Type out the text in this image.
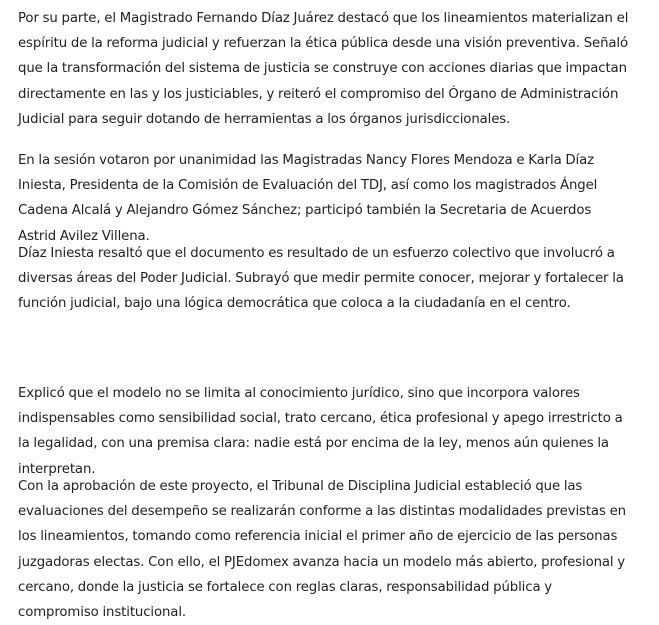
Por su parte, el Magistrado Fernando Díaz Juárez destacó que los lineamientos materializan el espíritu de la reforma judicial y refuerzan la ética pública desde una visión preventiva. Señaló que la transformación del sistema de justicia se construye con acciones diarias que impactan directamente en las y los justiciables, y reiteró el compromiso del Órgano de Administración Judicial para seguir dotando de herramientas a los órganos jurisdiccionales.

En la sesión votaron por unanimidad las Magistradas Nancy Flores Mendoza e Karla Díaz Iniesta, Presidenta de la Comisión de Evaluación del TDJ, así como los magistrados Ángel Cadena Alcalá y Alejandro Gómez Sánchez; participó también la Secretaria de Acuerdos Astrid Avilez Villena.

Díaz Iniesta resaltó que el documento es resultado de un esfuerzo colectivo que involucró a diversas áreas del Poder Judicial. Subrayó que medir permite conocer, mejorar y fortalecer la función judicial, bajo una lógica democrática que coloca a la ciudadanía en el centro.

Explicó que el modelo no se limita al conocimiento jurídico, sino que incorpora valores indispensables como sensibilidad social, trato cercano, ética profesional y apego irrestricto a la legalidad, con una premisa clara: nadie está por encima de la ley, menos aún quienes la interpretan.

Con la aprobación de este proyecto, el Tribunal de Disciplina Judicial estableció que las evaluaciones del desempeño se realizarán conforme a las distintas modalidades previstas en los lineamientos, tomando como referencia inicial el primer año de ejercicio de las personas juzgadoras electas. Con ello, el PJEdomex avanza hacia un modelo más abierto, profesional y cercano, donde la justicia se fortalece con reglas claras, responsabilidad pública y compromiso institucional.
